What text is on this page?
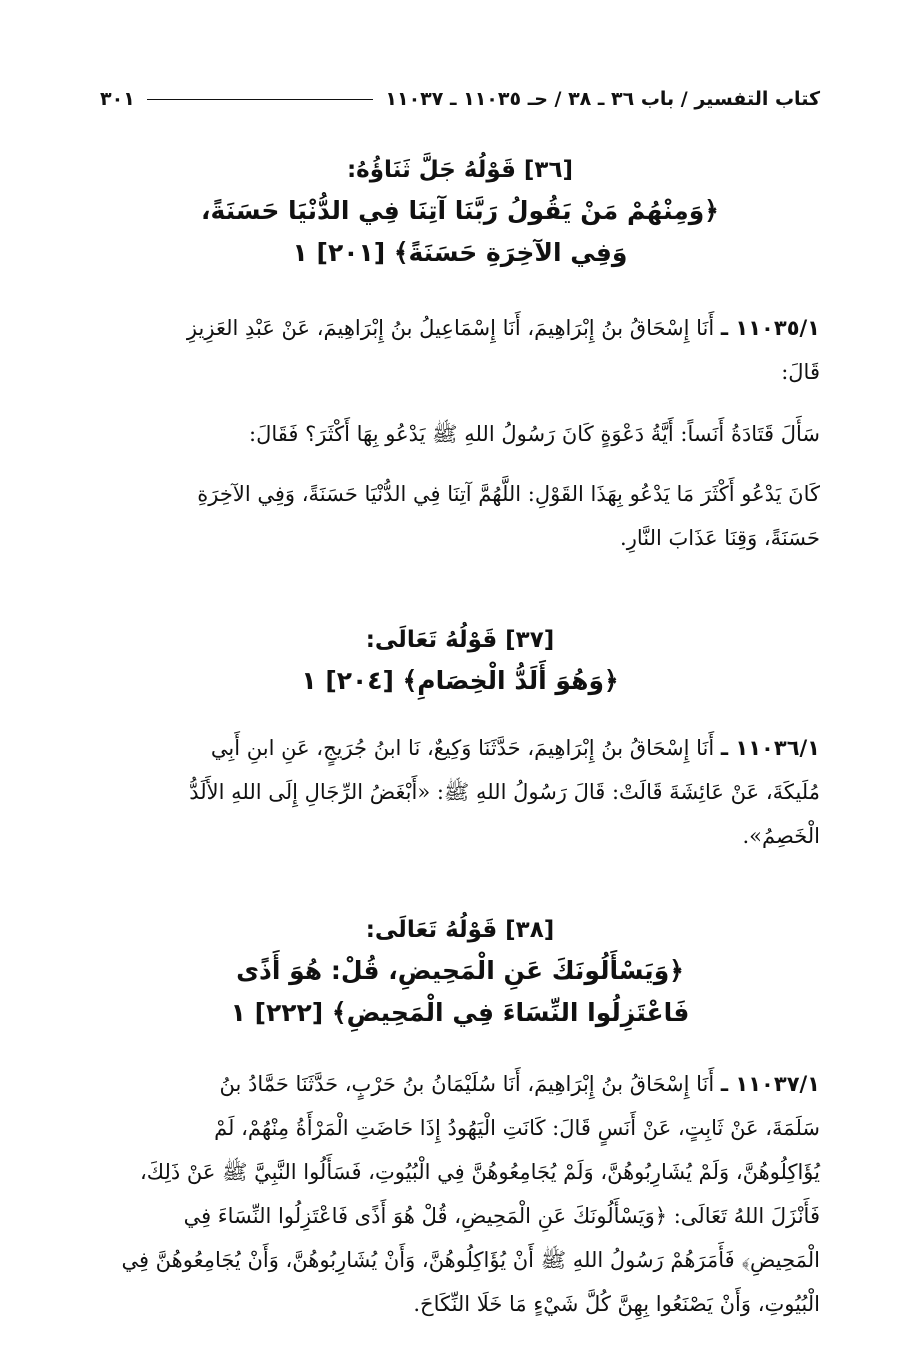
كتاب التفسير / باب ٣٦ ـ ٣٨ / حـ ١١٠٣٥ ـ ١١٠٣٧
٣٠١
[٣٦] قَوْلُهُ جَلَّ ثَنَاؤُهُ:
﴿وَمِنْهُمْ مَنْ يَقُولُ رَبَّنَا آتِنَا فِي الدُّنْيَا حَسَنَةً،
وَفِي الآخِرَةِ حَسَنَةً﴾ [٢٠١] ١
١١٠٣٥/١ ـ أَنَا إِسْحَاقُ بنُ إِبْرَاهِيمَ، أَنَا إِسْمَاعِيلُ بنُ إِبْرَاهِيمَ، عَنْ عَبْدِ العَزِيزِ
قَالَ:
سَأَلَ قَتَادَةُ أَنَساً: أَيَّةُ دَعْوَةٍ كَانَ رَسُولُ اللهِ ﷺ يَدْعُو بِهَا أَكْثَرَ؟ فَقَالَ:
كَانَ يَدْعُو أَكْثَرَ مَا يَدْعُو بِهَذَا القَوْلِ: اللَّهُمَّ آتِنَا فِي الدُّنْيَا حَسَنَةً، وَفِي الآخِرَةِ
حَسَنَةً، وَقِنَا عَذَابَ النَّارِ.
[٣٧] قَوْلُهُ تَعَالَى:
﴿وَهُوَ أَلَدُّ الْخِصَامِ﴾ [٢٠٤] ١
١١٠٣٦/١ ـ أَنَا إِسْحَاقُ بنُ إِبْرَاهِيمَ، حَدَّثَنَا وَكِيعٌ، نَا ابنُ جُرَيجٍ، عَنِ ابنِ أَبِي
مُلَيكَةَ، عَنْ عَائِشَةَ قَالَتْ: قَالَ رَسُولُ اللهِ ﷺ: «أَبْغَضُ الرِّجَالِ إِلَى اللهِ الأَلَدُّ
الْخَصِمُ».
[٣٨] قَوْلُهُ تَعَالَى:
﴿وَيَسْأَلُونَكَ عَنِ الْمَحِيضِ، قُلْ: هُوَ أَذًى
فَاعْتَزِلُوا النِّسَاءَ فِي الْمَحِيضِ﴾ [٢٢٢] ١
١١٠٣٧/١ ـ أَنَا إِسْحَاقُ بنُ إِبْرَاهِيمَ، أَنَا سُلَيْمَانُ بنُ حَرْبٍ، حَدَّثَنَا حَمَّادُ بنُ
سَلَمَةَ، عَنْ ثَابِتٍ، عَنْ أَنَسٍ قَالَ: كَانَتِ الْيَهُودُ إِذَا حَاضَتِ الْمَرْأَةُ مِنْهُمْ، لَمْ
يُؤَاكِلُوهُنَّ، وَلَمْ يُشَارِبُوهُنَّ، وَلَمْ يُجَامِعُوهُنَّ فِي الْبُيُوتِ، فَسَأَلُوا النَّبِيَّ ﷺ عَنْ ذَلِكَ،
فَأَنْزَلَ اللهُ تَعَالَى: ﴿وَيَسْأَلُونَكَ عَنِ الْمَحِيضِ، قُلْ هُوَ أَذًى فَاعْتَزِلُوا النِّسَاءَ فِي
الْمَحِيضِ﴾ فَأَمَرَهُمْ رَسُولُ اللهِ ﷺ أَنْ يُؤَاكِلُوهُنَّ، وَأَنْ يُشَارِبُوهُنَّ، وَأَنْ يُجَامِعُوهُنَّ فِي
الْبُيُوتِ، وَأَنْ يَصْنَعُوا بِهِنَّ كُلَّ شَيْءٍ مَا خَلَا النِّكَاحَ.
